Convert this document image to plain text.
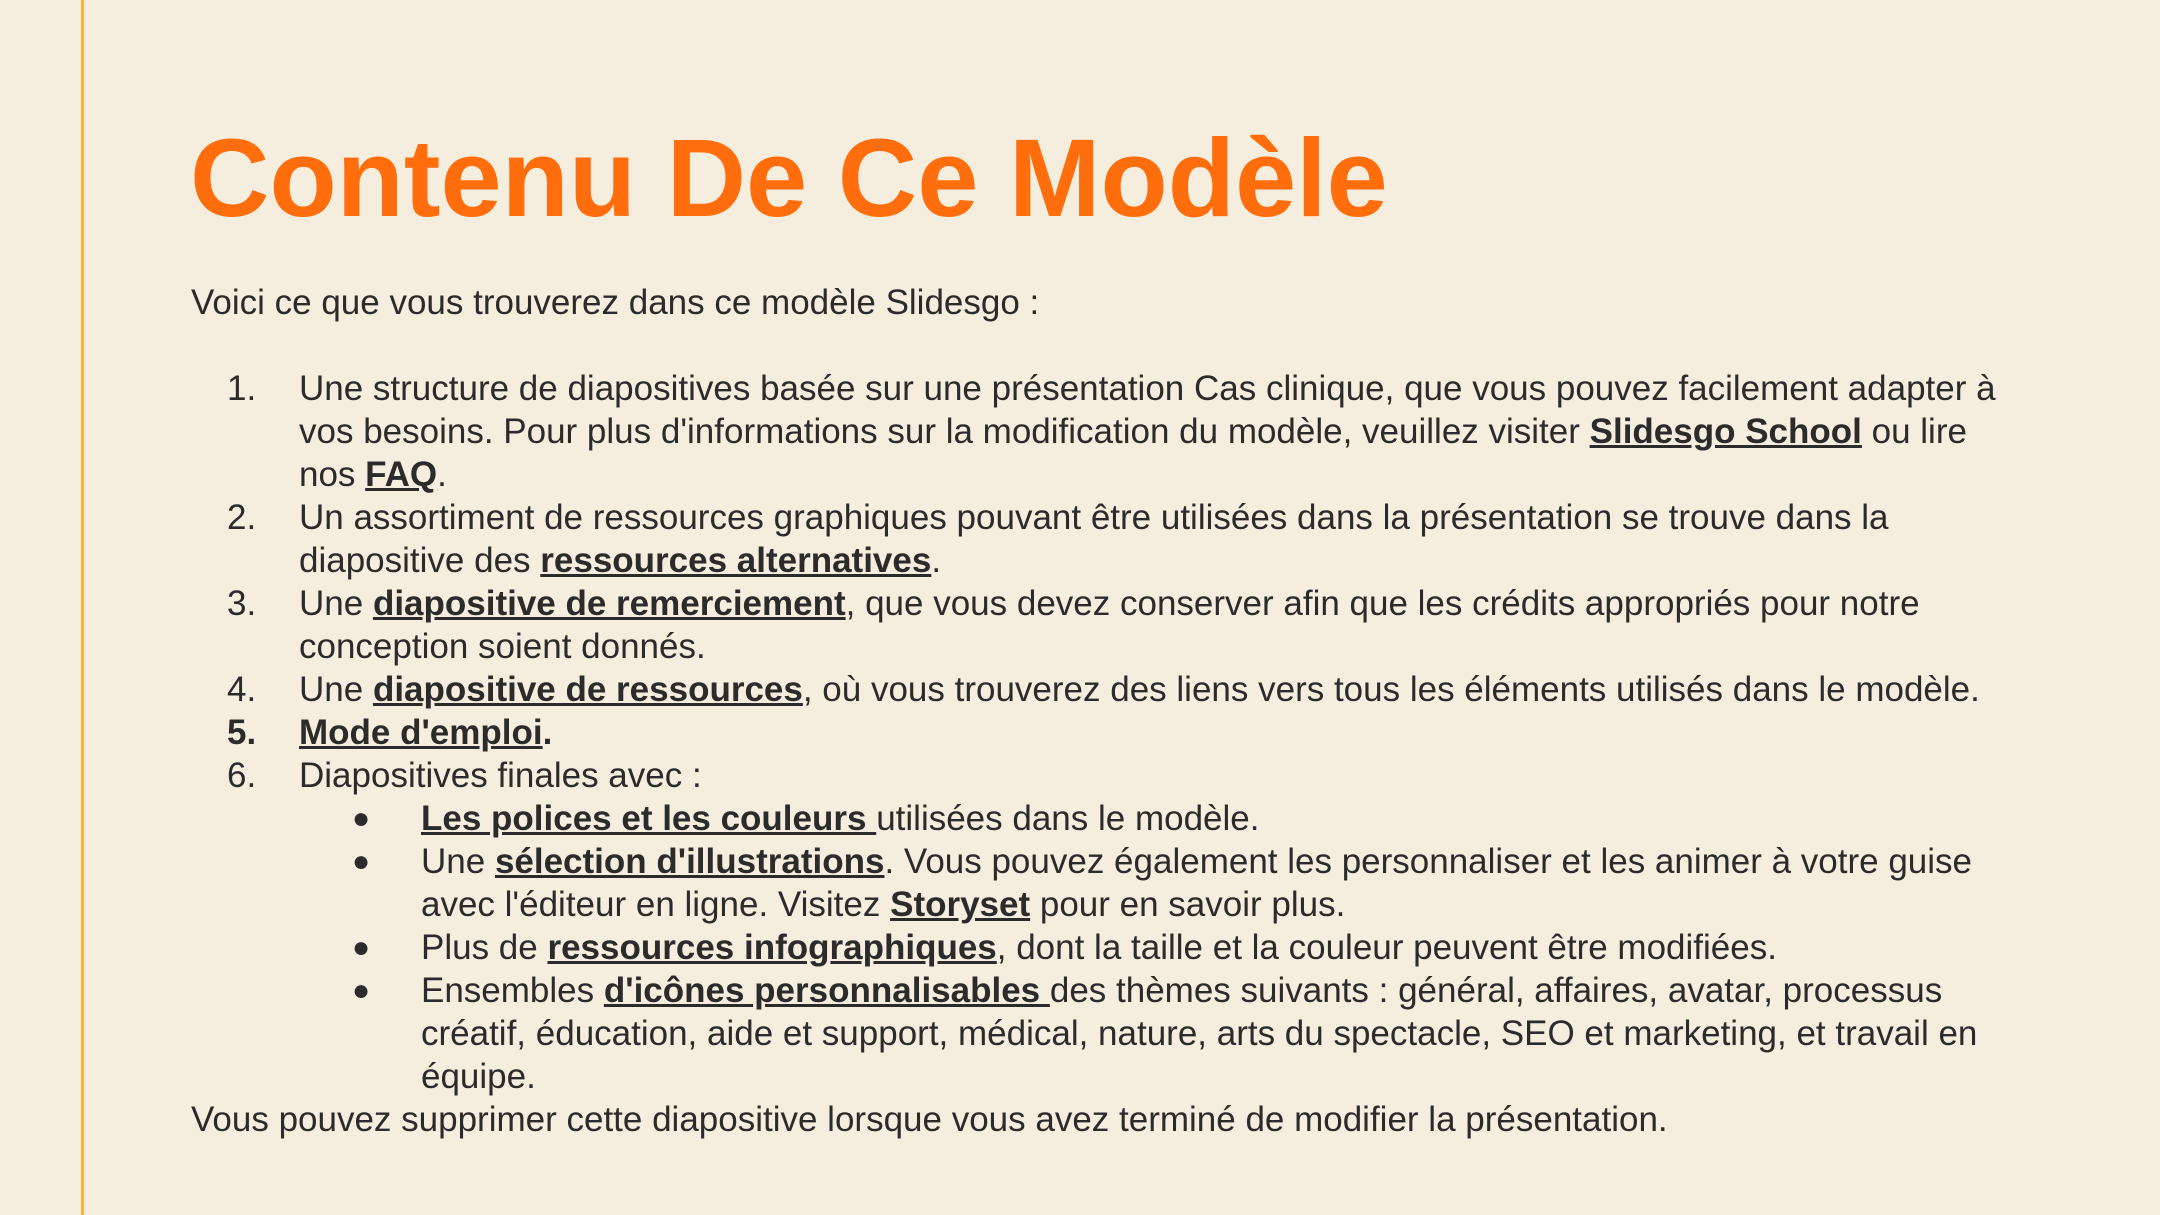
Contenu De Ce Modèle

Voici ce que vous trouverez dans ce modèle Slidesgo :

1. Une structure de diapositives basée sur une présentation Cas clinique, que vous pouvez facilement adapter à vos besoins. Pour plus d'informations sur la modification du modèle, veuillez visiter Slidesgo School ou lire nos FAQ.
2. Un assortiment de ressources graphiques pouvant être utilisées dans la présentation se trouve dans la diapositive des ressources alternatives.
3. Une diapositive de remerciement, que vous devez conserver afin que les crédits appropriés pour notre conception soient donnés.
4. Une diapositive de ressources, où vous trouverez des liens vers tous les éléments utilisés dans le modèle.
5. Mode d'emploi.
6. Diapositives finales avec :
● Les polices et les couleurs utilisées dans le modèle.
● Une sélection d'illustrations. Vous pouvez également les personnaliser et les animer à votre guise avec l'éditeur en ligne. Visitez Storyset pour en savoir plus.
● Plus de ressources infographiques, dont la taille et la couleur peuvent être modifiées.
● Ensembles d'icônes personnalisables des thèmes suivants : général, affaires, avatar, processus créatif, éducation, aide et support, médical, nature, arts du spectacle, SEO et marketing, et travail en équipe.

Vous pouvez supprimer cette diapositive lorsque vous avez terminé de modifier la présentation.
